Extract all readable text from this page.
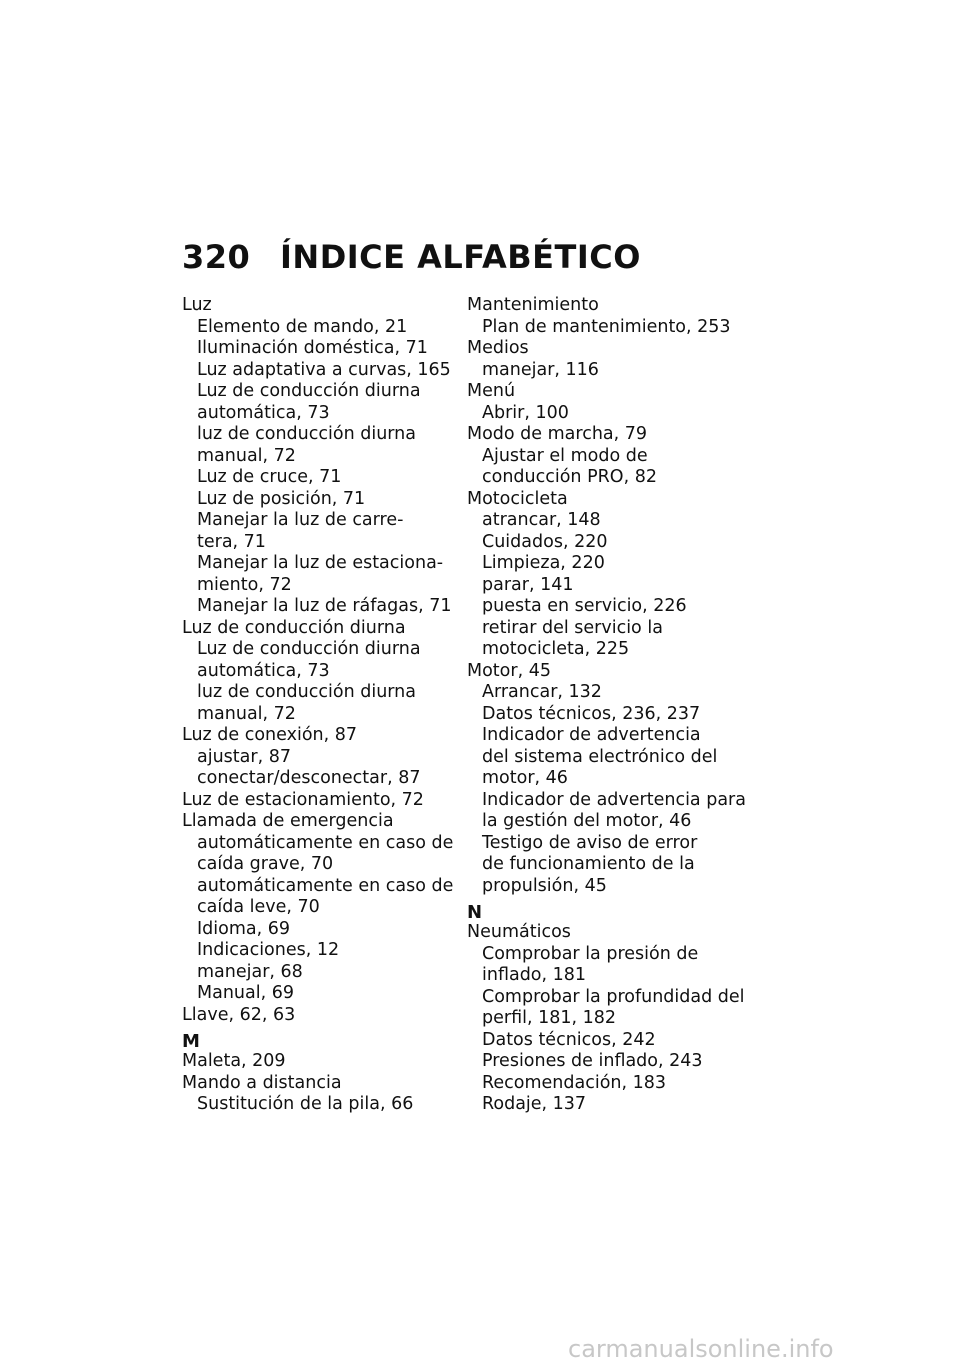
320 ÍNDICE ALFABÉTICO
Luz
Elemento de mando, 21
Iluminación doméstica, 71
Luz adaptativa a curvas, 165
Luz de conducción diurna
automática, 73
luz de conducción diurna
manual, 72
Luz de cruce, 71
Luz de posición, 71
Manejar la luz de carre-
tera, 71
Manejar la luz de estaciona-
miento, 72
Manejar la luz de ráfagas, 71
Luz de conducción diurna
Luz de conducción diurna
automática, 73
luz de conducción diurna
manual, 72
Luz de conexión, 87
ajustar, 87
conectar/desconectar, 87
Luz de estacionamiento, 72
Llamada de emergencia
automáticamente en caso de
caída grave, 70
automáticamente en caso de
caída leve, 70
Idioma, 69
Indicaciones, 12
manejar, 68
Manual, 69
Llave, 62, 63
M
Maleta, 209
Mando a distancia
Sustitución de la pila, 66
Mantenimiento
Plan de mantenimiento, 253
Medios
manejar, 116
Menú
Abrir, 100
Modo de marcha, 79
Ajustar el modo de
conducción PRO, 82
Motocicleta
atrancar, 148
Cuidados, 220
Limpieza, 220
parar, 141
puesta en servicio, 226
retirar del servicio la
motocicleta, 225
Motor, 45
Arrancar, 132
Datos técnicos, 236, 237
Indicador de advertencia
del sistema electrónico del
motor, 46
Indicador de advertencia para
la gestión del motor, 46
Testigo de aviso de error
de funcionamiento de la
propulsión, 45
N
Neumáticos
Comprobar la presión de
inflado, 181
Comprobar la profundidad del
perfil, 181, 182
Datos técnicos, 242
Presiones de inflado, 243
Recomendación, 183
Rodaje, 137
carmanualsonline.info
